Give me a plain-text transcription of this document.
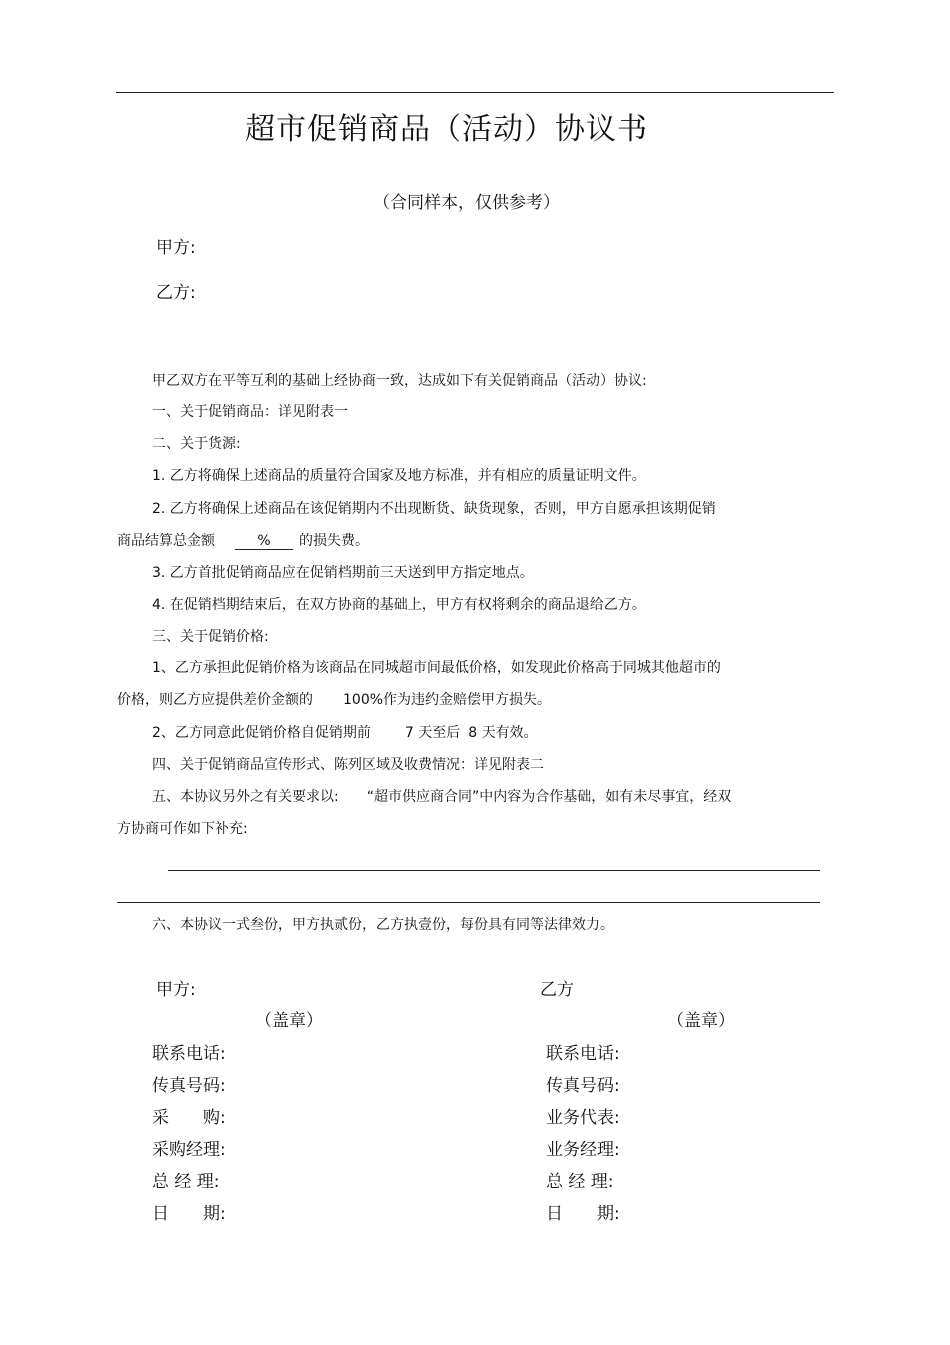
超市促销商品（活动）协议书
（合同样本，仅供参考）
甲方:
乙方:
甲乙双方在平等互利的基础上经协商一致，达成如下有关促销商品（活动）协议:
一、关于促销商品：详见附表一
二、关于货源:
1. 乙方将确保上述商品的质量符合国家及地方标准，并有相应的质量证明文件。
2. 乙方将确保上述商品在该促销期内不出现断货、缺货现象，否则，甲方自愿承担该期促销
商品结算总金额	% 的损失费。
3. 乙方首批促销商品应在促销档期前三天送到甲方指定地点。
4. 在促销档期结束后，在双方协商的基础上，甲方有权将剩余的商品退给乙方。
三、关于促销价格:
1、乙方承担此促销价格为该商品在同城超市间最低价格，如发现此价格高于同城其他超市的
价格，则乙方应提供差价金额的 100%作为违约金赔偿甲方损失。
2、乙方同意此促销价格自促销期前 7 天至后 8 天有效。
四、关于促销商品宣传形式、陈列区域及收费情况：详见附表二
五、本协议另外之有关要求以: “超市供应商合同”中内容为合作基础，如有未尽事宜，经双
方协商可作如下补充:
六、本协议一式叁份，甲方执贰份，乙方执壹份，每份具有同等法律效力。
甲方:
（盖章）
联系电话:
传真号码:
采　　购:
采购经理:
总 经 理:
日　　期:
乙方
（盖章）
联系电话:
传真号码:
业务代表:
业务经理:
总 经 理:
日　　期:
